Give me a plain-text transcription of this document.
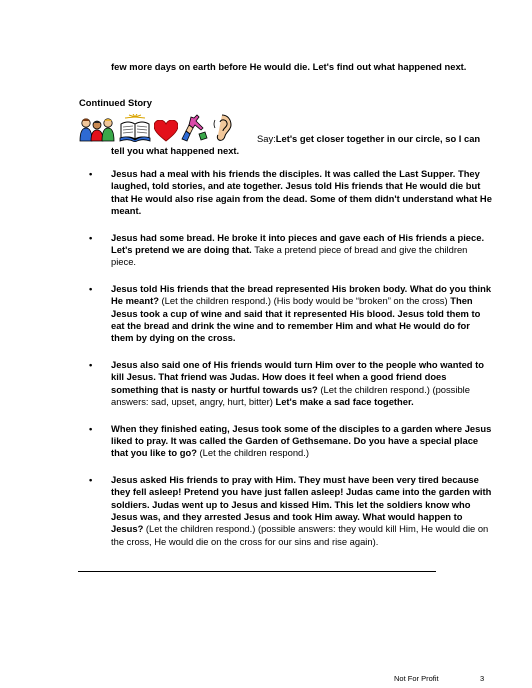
few more days on earth before He would die. Let's find out what happened next.
Continued Story
Say:Let's get closer together in our circle, so I can tell you what happened next.
• Jesus had a meal with his friends the disciples. It was called the Last Supper. They laughed, told stories, and ate together. Jesus told His friends that He would die but that He would also rise again from the dead. Some of them didn't understand what He meant.
• Jesus had some bread. He broke it into pieces and gave each of His friends a piece. Let's pretend we are doing that. Take a pretend piece of bread and give the children piece.
• Jesus told His friends that the bread represented His broken body. What do you think He meant? (Let the children respond.) (His body would be “broken” on the cross) Then Jesus took a cup of wine and said that it represented His blood. Jesus told them to eat the bread and drink the wine and to remember Him and what He would do for them by dying on the cross.
• Jesus also said one of His friends would turn Him over to the people who wanted to kill Jesus. That friend was Judas. How does it feel when a good friend does something that is nasty or hurtful towards us? (Let the children respond.) (possible answers: sad, upset, angry, hurt, bitter) Let's make a sad face together.
• When they finished eating, Jesus took some of the disciples to a garden where Jesus liked to pray. It was called the Garden of Gethsemane. Do you have a special place that you like to go? (Let the children respond.)
• Jesus asked His friends to pray with Him. They must have been very tired because they fell asleep! Pretend you have just fallen asleep! Judas came into the garden with soldiers. Judas went up to Jesus and kissed Him. This let the soldiers know who Jesus was, and they arrested Jesus and took Him away. What would happen to Jesus? (Let the children respond.) (possible answers: they would kill Him, He would die on the cross, He would die on the cross for our sins and rise again).
Not For Profit	3
